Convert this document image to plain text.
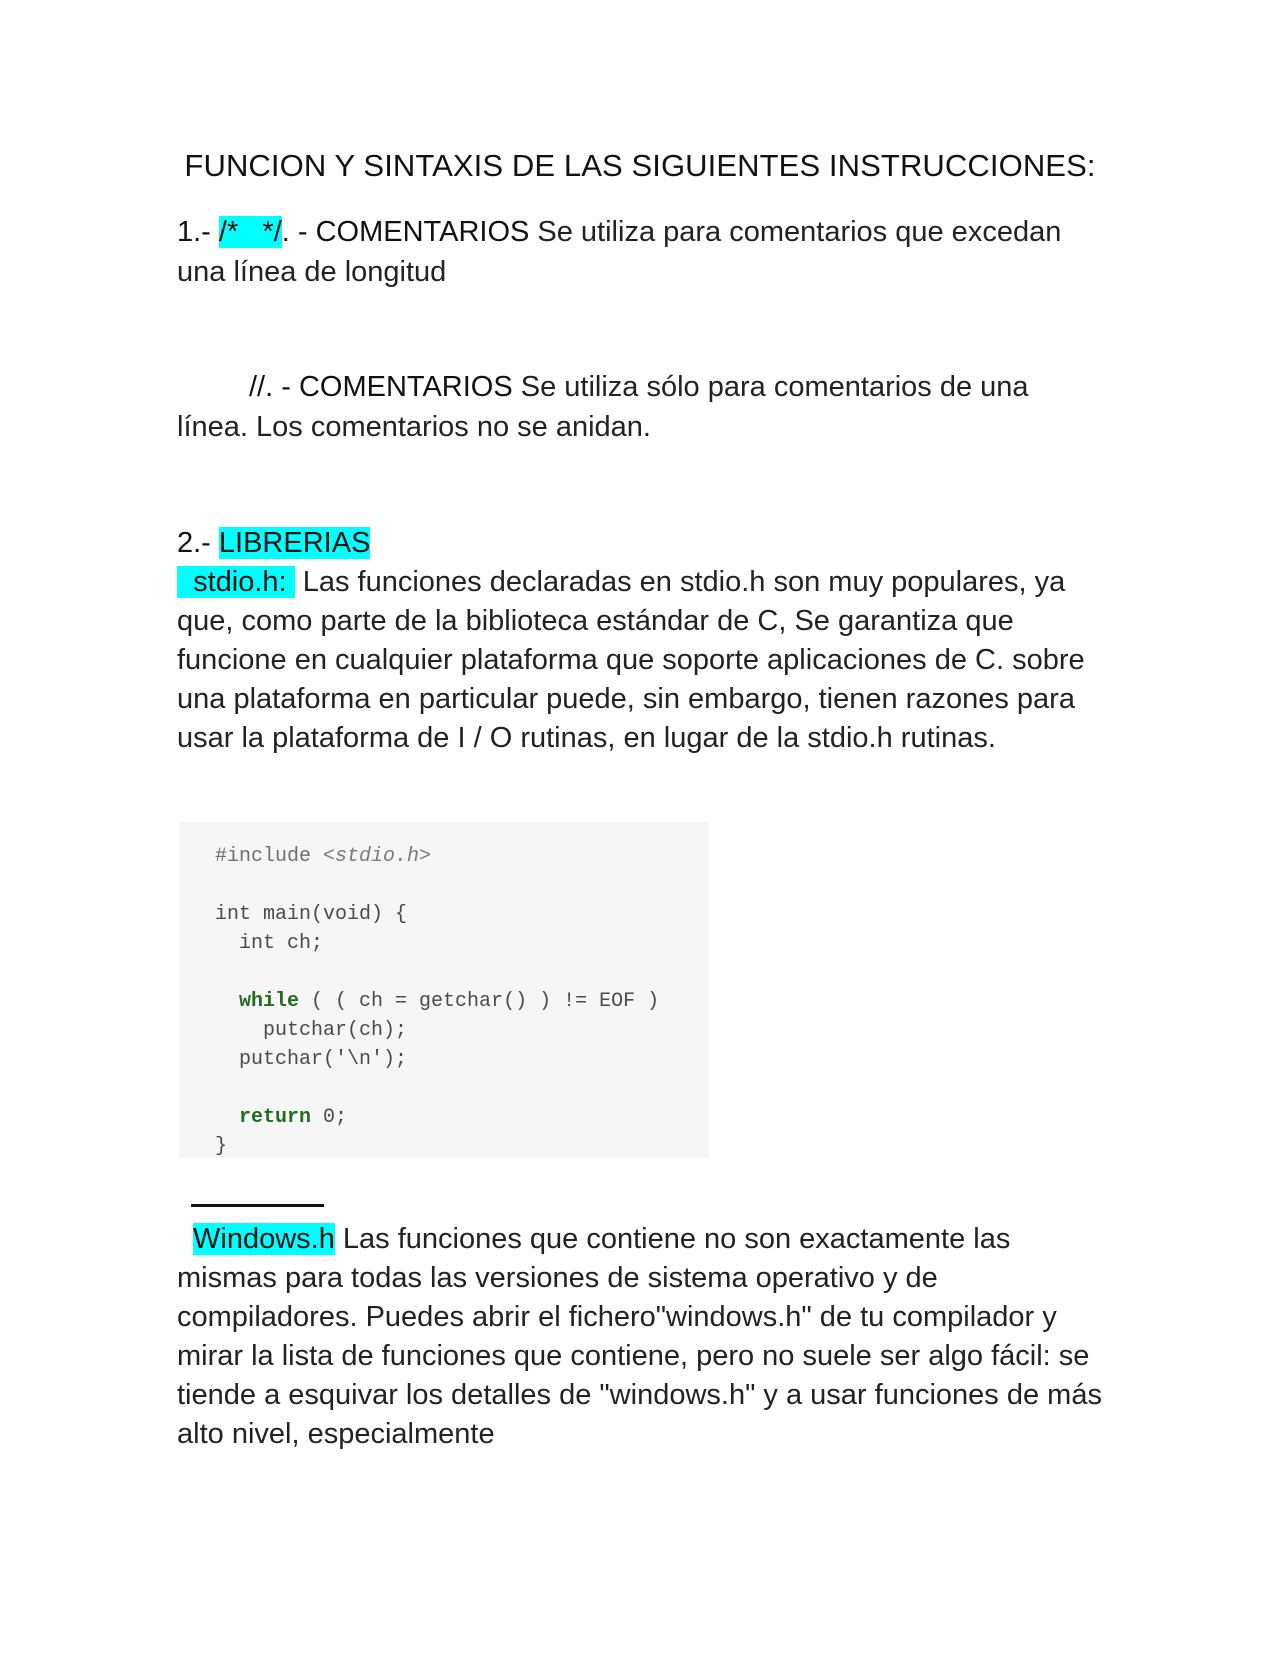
FUNCION Y SINTAXIS DE LAS SIGUIENTES INSTRUCCIONES:

1.- /*   */. - COMENTARIOS Se utiliza para comentarios que excedan una línea de longitud

//. - COMENTARIOS Se utiliza sólo para comentarios de una línea. Los comentarios no se anidan.

2.- LIBRERIAS

stdio.h:  Las funciones declaradas en stdio.h son muy populares, ya que, como parte de la biblioteca estándar de C, Se garantiza que funcione en cualquier plataforma que soporte aplicaciones de C. sobre una plataforma en particular puede, sin embargo, tienen razones para usar la plataforma de I / O rutinas, en lugar de la stdio.h rutinas.

#include <stdio.h>

int main(void) {
int ch;

while ( ( ch = getchar() ) != EOF )
putchar(ch);
putchar('\n');

return 0;
}

Windows.h Las funciones que contiene no son exactamente las mismas para todas las versiones de sistema operativo y de compiladores. Puedes abrir el fichero"windows.h" de tu compilador y mirar la lista de funciones que contiene, pero no suele ser algo fácil: se tiende a esquivar los detalles de "windows.h" y a usar funciones de más alto nivel, especialmente
